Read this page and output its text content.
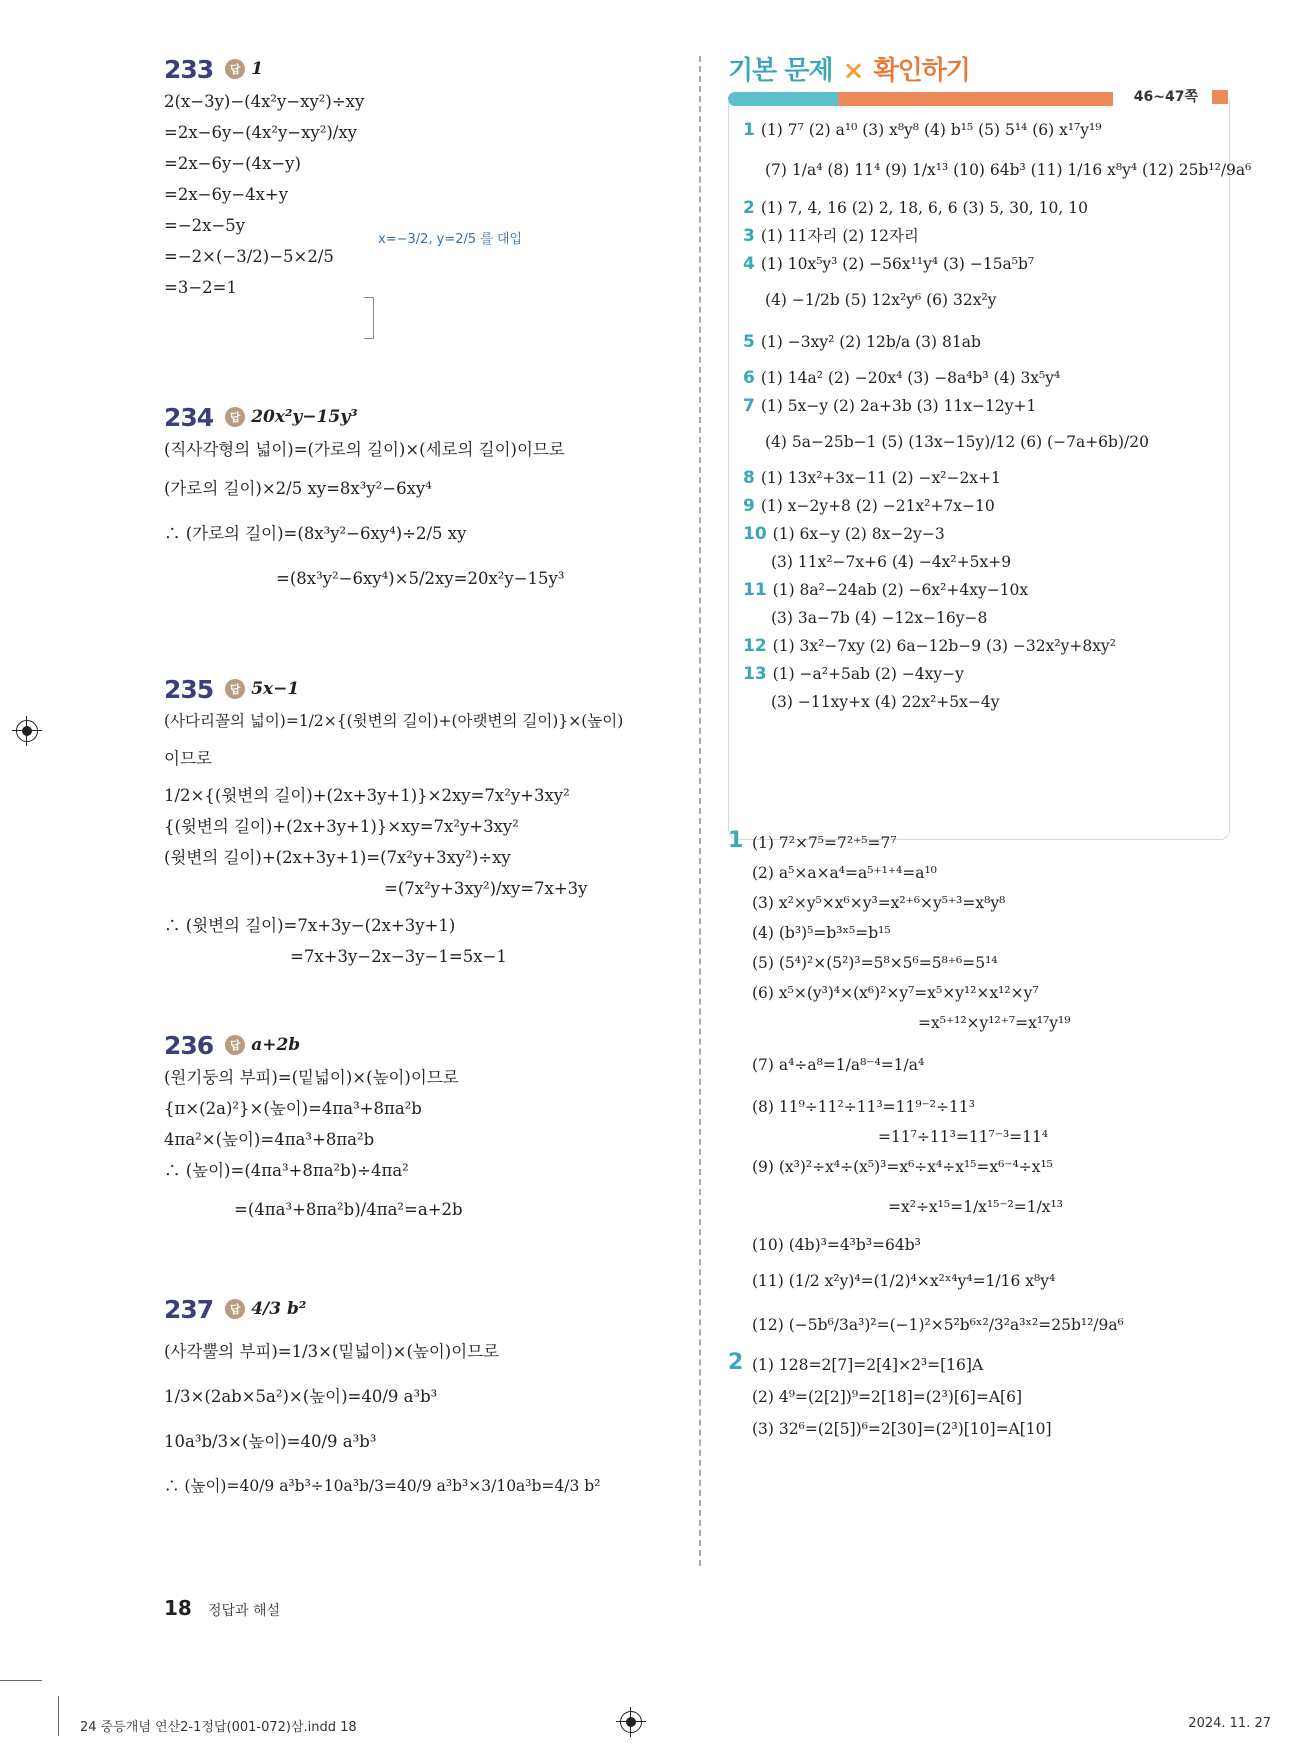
233	답 1
2(x−3y)−(4x²y−xy²)÷xy
=2x−6y−(4x²y−xy²)/xy
=2x−6y−(4x−y)
=2x−6y−4x+y
=−2x−5y
=−2×(−3/2)−5×2/5
=3−2=1
x=−3/2, y=2/5 를 대입
234	답 20x²y−15y³
(직사각형의 넓이)=(가로의 길이)×(세로의 길이)이므로
(가로의 길이)×2/5 xy=8x³y²−6xy⁴
∴ (가로의 길이)=(8x³y²−6xy⁴)÷2/5 xy
=(8x³y²−6xy⁴)×5/2xy=20x²y−15y³
235	답 5x−1
(사다리꼴의 넓이)=1/2×{(윗변의 길이)+(아랫변의 길이)}×(높이)
이므로
1/2×{(윗변의 길이)+(2x+3y+1)}×2xy=7x²y+3xy²
{(윗변의 길이)+(2x+3y+1)}×xy=7x²y+3xy²
(윗변의 길이)+(2x+3y+1)=(7x²y+3xy²)÷xy
=(7x²y+3xy²)/xy=7x+3y
∴ (윗변의 길이)=7x+3y−(2x+3y+1)
=7x+3y−2x−3y−1=5x−1
236	답 a+2b
(원기둥의 부피)=(밑넓이)×(높이)이므로
{π×(2a)²}×(높이)=4πa³+8πa²b
4πa²×(높이)=4πa³+8πa²b
∴ (높이)=(4πa³+8πa²b)÷4πa²
=(4πa³+8πa²b)/4πa²=a+2b
237	답 4/3 b²
(사각뿔의 부피)=1/3×(밑넓이)×(높이)이므로
1/3×(2ab×5a²)×(높이)=40/9 a³b³
10a³b/3×(높이)=40/9 a³b³
∴ (높이)=40/9 a³b³÷10a³b/3=40/9 a³b³×3/10a³b=4/3 b²
기본 문제 × 확인하기
46~47쪽
1 (1) 7⁷ (2) a¹⁰ (3) x⁸y⁸ (4) b¹⁵ (5) 5¹⁴ (6) x¹⁷y¹⁹
(7) 1/a⁴ (8) 11⁴ (9) 1/x¹³ (10) 64b³ (11) 1/16 x⁸y⁴ (12) 25b¹²/9a⁶
2 (1) 7, 4, 16 (2) 2, 18, 6, 6 (3) 5, 30, 10, 10
3 (1) 11자리 (2) 12자리
4 (1) 10x⁵y³ (2) −56x¹¹y⁴ (3) −15a⁵b⁷
(4) −1/2b (5) 12x²y⁶ (6) 32x²y
5 (1) −3xy² (2) 12b/a (3) 81ab
6 (1) 14a² (2) −20x⁴ (3) −8a⁴b³ (4) 3x⁵y⁴
7 (1) 5x−y (2) 2a+3b (3) 11x−12y+1
(4) 5a−25b−1 (5) (13x−15y)/12 (6) (−7a+6b)/20
8 (1) 13x²+3x−11 (2) −x²−2x+1
9 (1) x−2y+8 (2) −21x²+7x−10
10 (1) 6x−y (2) 8x−2y−3
(3) 11x²−7x+6 (4) −4x²+5x+9
11 (1) 8a²−24ab (2) −6x²+4xy−10x
(3) 3a−7b (4) −12x−16y−8
12 (1) 3x²−7xy (2) 6a−12b−9 (3) −32x²y+8xy²
13 (1) −a²+5ab (2) −4xy−y
(3) −11xy+x (4) 22x²+5x−4y
1 (1) 7²×7⁵=7²⁺⁵=7⁷
(2) a⁵×a×a⁴=a⁵⁺¹⁺⁴=a¹⁰
(3) x²×y⁵×x⁶×y³=x²⁺⁶×y⁵⁺³=x⁸y⁸
(4) (b³)⁵=b³ˣ⁵=b¹⁵
(5) (5⁴)²×(5²)³=5⁸×5⁶=5⁸⁺⁶=5¹⁴
(6) x⁵×(y³)⁴×(x⁶)²×y⁷=x⁵×y¹²×x¹²×y⁷
=x⁵⁺¹²×y¹²⁺⁷=x¹⁷y¹⁹
(7) a⁴÷a⁸=1/a⁸⁻⁴=1/a⁴
(8) 11⁹÷11²÷11³=11⁹⁻²÷11³
=11⁷÷11³=11⁷⁻³=11⁴
(9) (x³)²÷x⁴÷(x⁵)³=x⁶÷x⁴÷x¹⁵=x⁶⁻⁴÷x¹⁵
=x²÷x¹⁵=1/x¹⁵⁻²=1/x¹³
(10) (4b)³=4³b³=64b³
(11) (1/2 x²y)⁴=(1/2)⁴×x²ˣ⁴y⁴=1/16 x⁸y⁴
(12) (−5b⁶/3a³)²=(−1)²×5²b⁶ˣ²/3²a³ˣ²=25b¹²/9a⁶
2 (1) 128=2[7]=2[4]×2³=[16]A
(2) 4⁹=(2[2])⁹=2[18]=(2³)[6]=A[6]
(3) 32⁶=(2[5])⁶=2[30]=(2³)[10]=A[10]
18 정답과 해설
24 중등개념 연산2-1정답(001-072)삼.indd 18	2024. 11. 27
